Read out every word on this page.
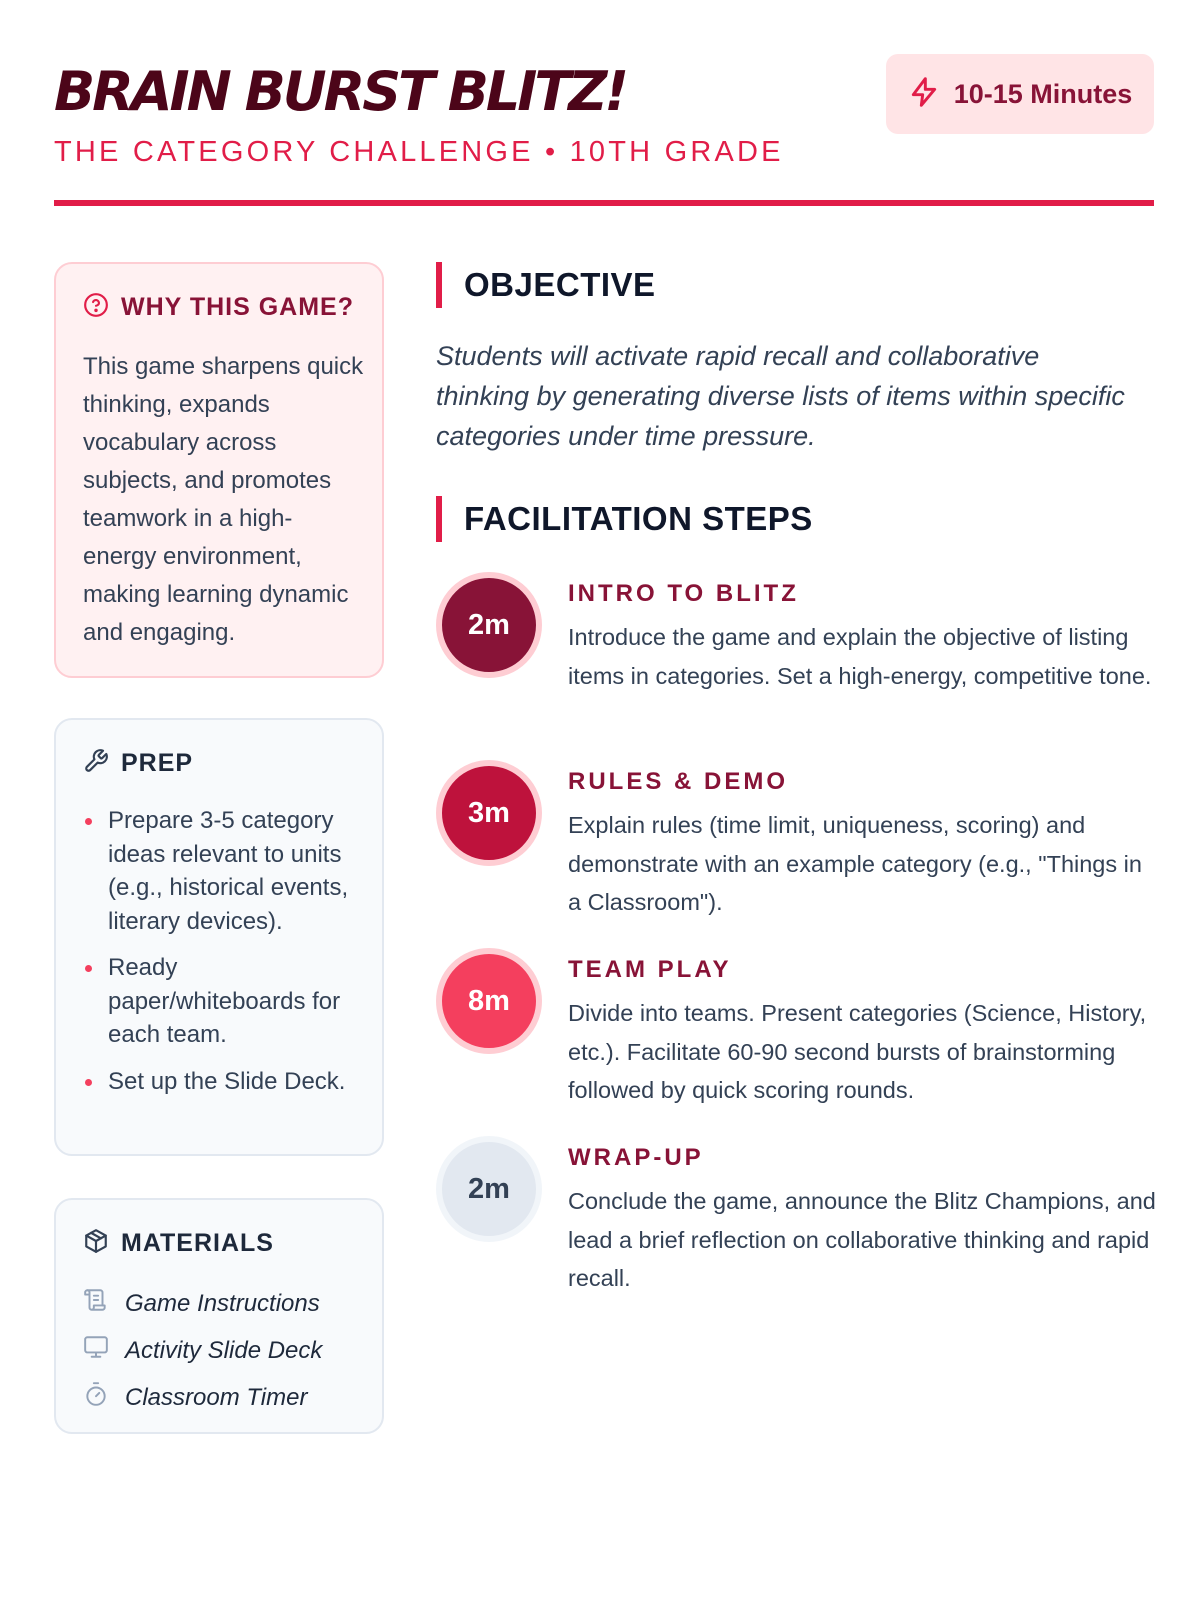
BRAIN BURST BLITZ!
THE CATEGORY CHALLENGE • 10TH GRADE
10-15 Minutes
WHY THIS GAME?

This game sharpens quick thinking, expands vocabulary across subjects, and promotes teamwork in a high-energy environment, making learning dynamic and engaging.

PREP
Prepare 3-5 category ideas relevant to units (e.g., historical events, literary devices).
Ready paper/whiteboards for each team.
Set up the Slide Deck.
MATERIALS
Game Instructions
Activity Slide Deck
Classroom Timer
OBJECTIVE

Students will activate rapid recall and collaborative thinking by generating diverse lists of items within specific categories under time pressure.

FACILITATION STEPS
2m
INTRO TO BLITZ

Introduce the game and explain the objective of listing items in categories. Set a high-energy, competitive tone.

3m
RULES & DEMO

Explain rules (time limit, uniqueness, scoring) and demonstrate with an example category (e.g., "Things in a Classroom").

8m
TEAM PLAY

Divide into teams. Present categories (Science, History, etc.). Facilitate 60-90 second bursts of brainstorming followed by quick scoring rounds.

2m
WRAP-UP

Conclude the game, announce the Blitz Champions, and lead a brief reflection on collaborative thinking and rapid recall.
